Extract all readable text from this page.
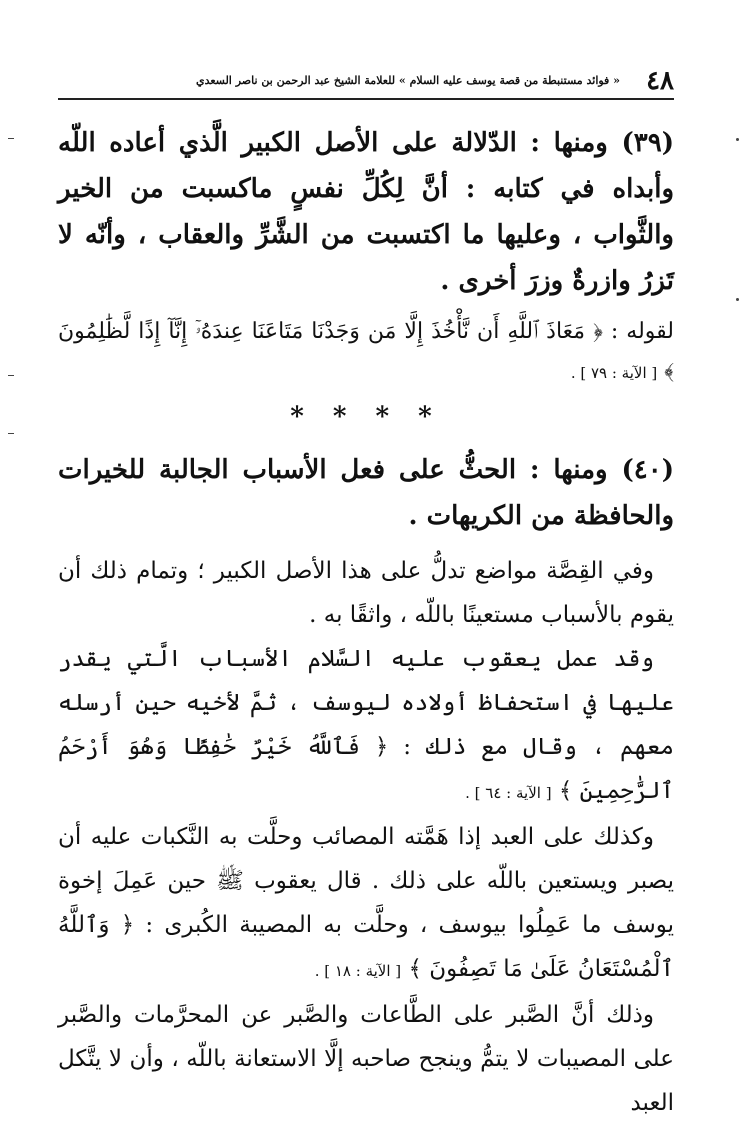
٤٨
« فوائد مستنبطة من قصة يوسف عليه السلام » للعلامة الشيخ عبد الرحمن بن ناصر السعدي

(٣٩) ومنها : الدّلالة على الأصل الكبير الَّذي أعاده اللّه وأبداه في كتابه : أنَّ لِكُلِّ نفسٍ ماكسبت من الخير والثَّواب ، وعليها ما اكتسبت من الشَّرِّ والعقاب ، وأنّه لا تَزرُ وازرةٌ وزرَ أخرى .

لقوله : ﴿ مَعَاذَ ٱللَّهِ أَن نَّأْخُذَ إِلَّا مَن وَجَدْنَا مَتَاعَنَا عِندَهُۥٓ إِنَّآ إِذًا لَّظَٰلِمُونَ ﴾ [ الآية : ٧٩ ] .

* * * *

(٤٠) ومنها : الحثُّ على فعل الأسباب الجالبة للخيرات والحافظة من الكريهات .

وفي القِصَّة مواضع تدلُّ على هذا الأصل الكبير ؛ وتمام ذلك أن يقوم بالأسباب مستعينًا باللّه ، واثقًا به .

وقد عمل يعقوب عليه السَّلام الأسباب الَّتي يقدر عليها في استحفاظ أولاده ليوسف ، ثمَّ لأخيه حين أرسله معهم ، وقال مع ذلك : ﴿ فَٱللَّهُ خَيْرٌ حَٰفِظًا وَهُوَ أَرْحَمُ ٱلرَّٰحِمِينَ ﴾ [ الآية : ٦٤ ] .

وكذلك على العبد إذا هَمَّته المصائب وحلَّت به النَّكبات عليه أن يصبر ويستعين باللّه على ذلك . قال يعقوب ﷺ حين عَمِلَ إخوة يوسف ما عَمِلُوا بيوسف ، وحلَّت به المصيبة الكُبرى : ﴿ وَٱللَّهُ ٱلْمُسْتَعَانُ عَلَىٰ مَا تَصِفُونَ ﴾ [ الآية : ١٨ ] .

وذلك أنَّ الصَّبر على الطَّاعات والصَّبر عن المحرَّمات والصَّبر على المصيبات لا يتمُّ وينجح صاحبه إلَّا الاستعانة باللّه ، وأن لا يتَّكل العبد
